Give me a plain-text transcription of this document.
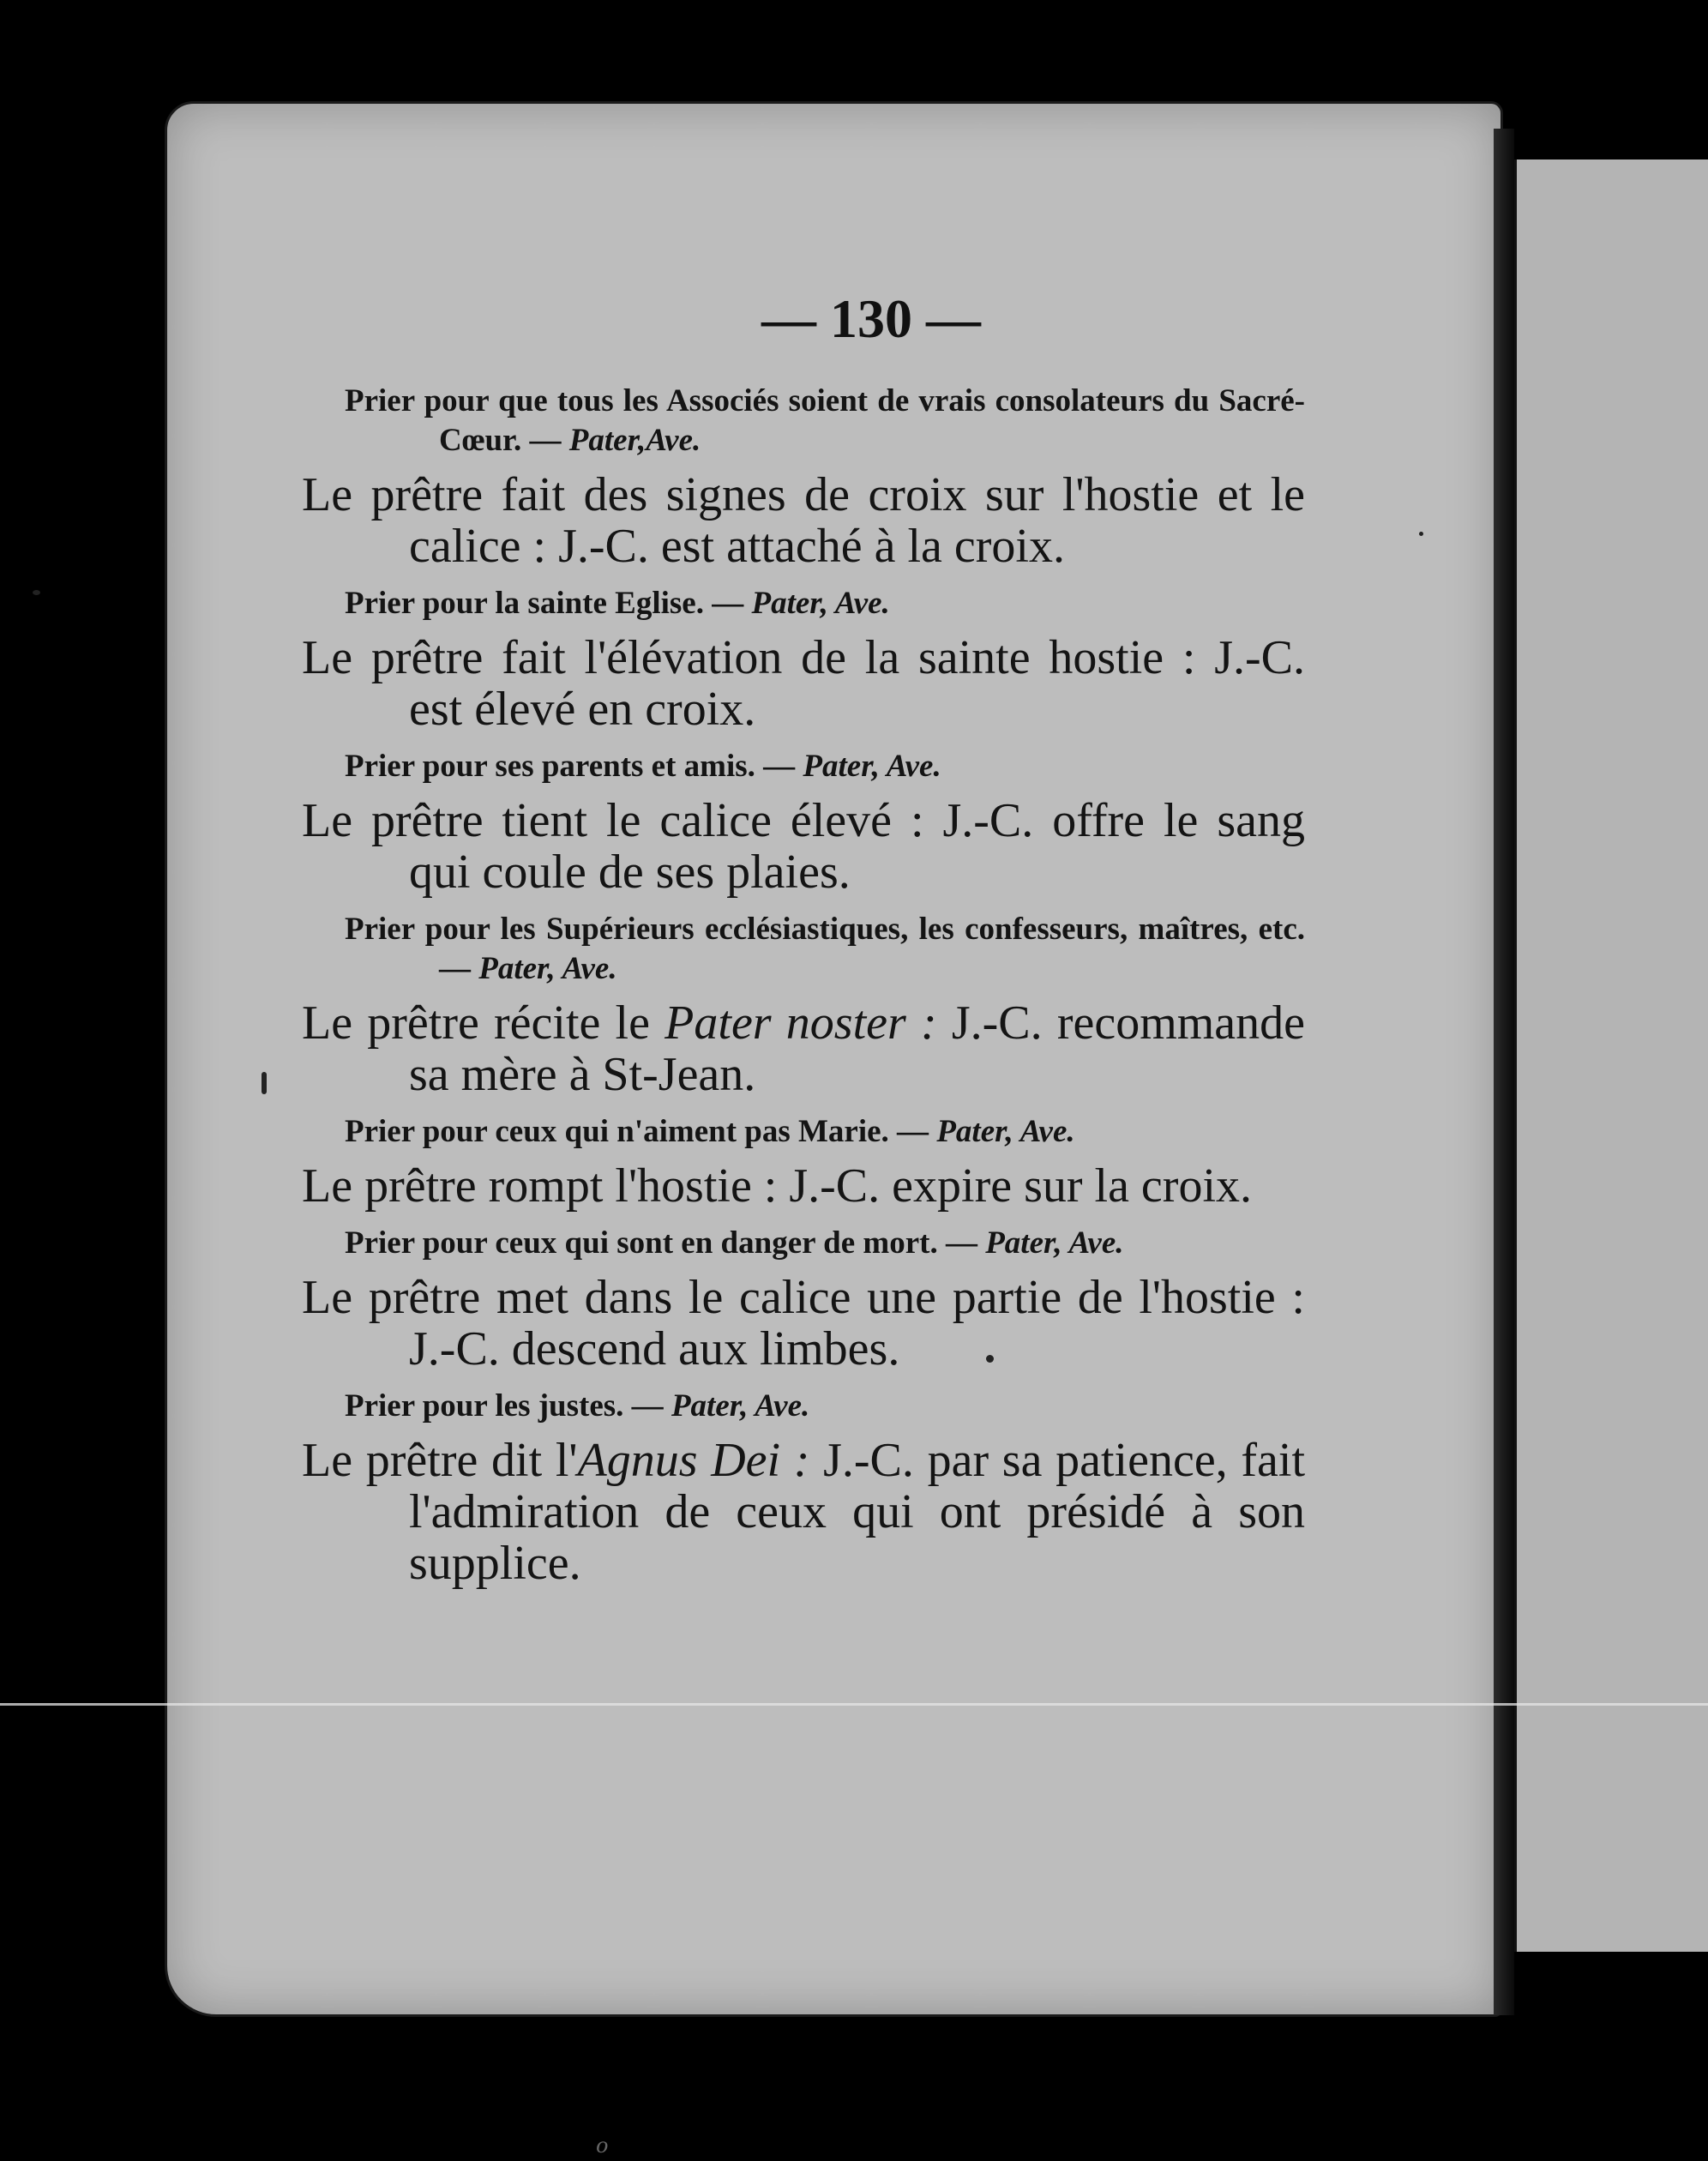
— 130 —
Prier pour que tous les Associés soient de vrais consolateurs du Sacré-Cœur. — Pater,Ave.
Le prêtre fait des signes de croix sur l'hostie et le calice : J.-C. est attaché à la croix.
Prier pour la sainte Eglise. — Pater, Ave.
Le prêtre fait l'élévation de la sainte hostie : J.-C. est élevé en croix.
Prier pour ses parents et amis. — Pater, Ave.
Le prêtre tient le calice élevé : J.-C. offre le sang qui coule de ses plaies.
Prier pour les Supérieurs ecclésiastiques, les confesseurs, maîtres, etc. — Pater, Ave.
Le prêtre récite le Pater noster : J.-C. recommande sa mère à St-Jean.
Prier pour ceux qui n'aiment pas Marie. — Pater, Ave.
Le prêtre rompt l'hostie : J.-C. expire sur la croix.
Prier pour ceux qui sont en danger de mort. — Pater, Ave.
Le prêtre met dans le calice une partie de l'hostie : J.-C. descend aux limbes.
Prier pour les justes. — Pater, Ave.
Le prêtre dit l'Agnus Dei : J.-C. par sa patience, fait l'admiration de ceux qui ont présidé à son supplice.
o
